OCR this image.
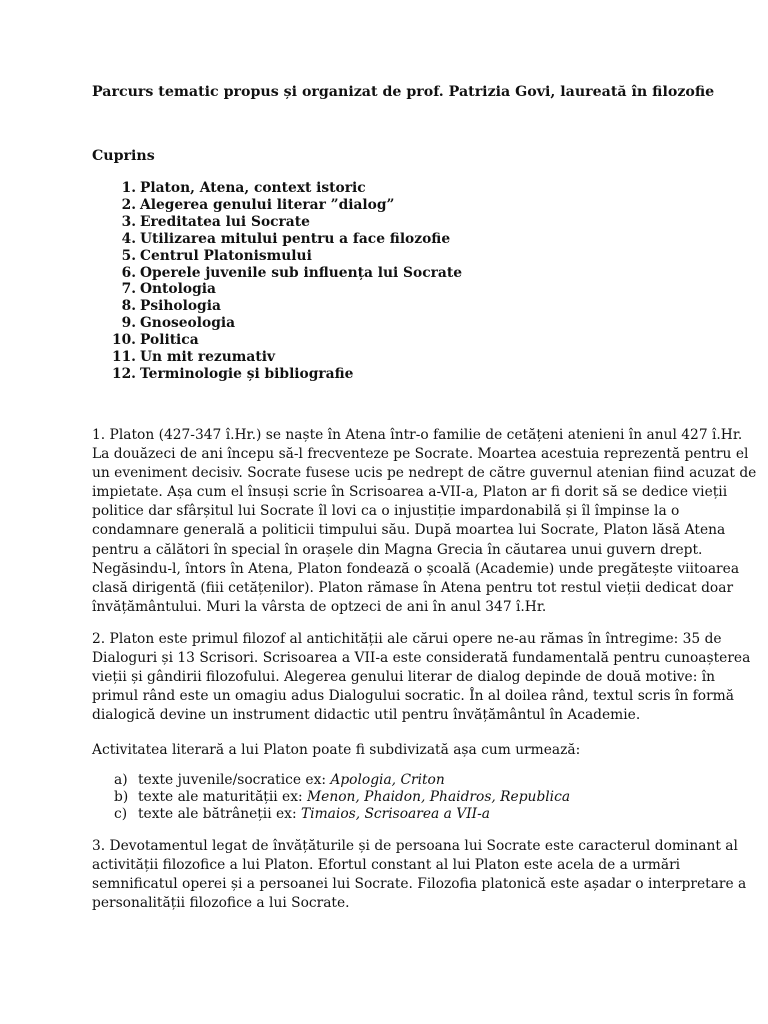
Parcurs tematic propus și organizat de prof. Patrizia Govi, laureată în filozofie
Cuprins
1. Platon, Atena, context istoric
2. Alegerea genului literar ”dialog”
3. Ereditatea lui Socrate
4. Utilizarea mitului pentru a face filozofie
5. Centrul Platonismului
6. Operele juvenile sub influența lui Socrate
7. Ontologia
8. Psihologia
9. Gnoseologia
10. Politica
11. Un mit rezumativ
12. Terminologie și bibliografie

1. Platon (427-347 î.Hr.) se naște în Atena într-o familie de cetățeni atenieni în anul 427 î.Hr.
La douăzeci de ani începu să-l frecventeze pe Socrate. Moartea acestuia reprezentă pentru el
un eveniment decisiv. Socrate fusese ucis pe nedrept de către guvernul atenian fiind acuzat de
impietate. Așa cum el însuși scrie în Scrisoarea a-VII-a, Platon ar fi dorit să se dedice vieții
politice dar sfârșitul lui Socrate îl lovi ca o injustiție impardonabilă și îl împinse la o
condamnare generală a politicii timpului său. După moartea lui Socrate, Platon lăsă Atena
pentru a călători în special în orașele din Magna Grecia în căutarea unui guvern drept.
Negăsindu-l, întors în Atena, Platon fondează o școală (Academie) unde pregătește viitoarea
clasă dirigentă (fiii cetățenilor). Platon rămase în Atena pentru tot restul vieții dedicat doar
învățământului. Muri la vârsta de optzeci de ani în anul 347 î.Hr.

2. Platon este primul filozof al antichității ale cărui opere ne-au rămas în întregime: 35 de
Dialoguri și 13 Scrisori. Scrisoarea a VII-a este considerată fundamentală pentru cunoașterea
vieții și gândirii filozofului. Alegerea genului literar de dialog depinde de două motive: în
primul rând este un omagiu adus Dialogului socratic. În al doilea rând, textul scris în formă
dialogică devine un instrument didactic util pentru învățământul în Academie.

Activitatea literară a lui Platon poate fi subdivizată așa cum urmează:

a) texte juvenile/socratice ex: Apologia, Criton
b) texte ale maturității ex: Menon, Phaidon, Phaidros, Republica
c) texte ale bătrâneții ex: Timaios, Scrisoarea a VII-a

3. Devotamentul legat de învățăturile și de persoana lui Socrate este caracterul dominant al
activității filozofice a lui Platon. Efortul constant al lui Platon este acela de a urmări
semnificatul operei și a persoanei lui Socrate. Filozofia platonică este așadar o interpretare a
personalității filozofice a lui Socrate.
